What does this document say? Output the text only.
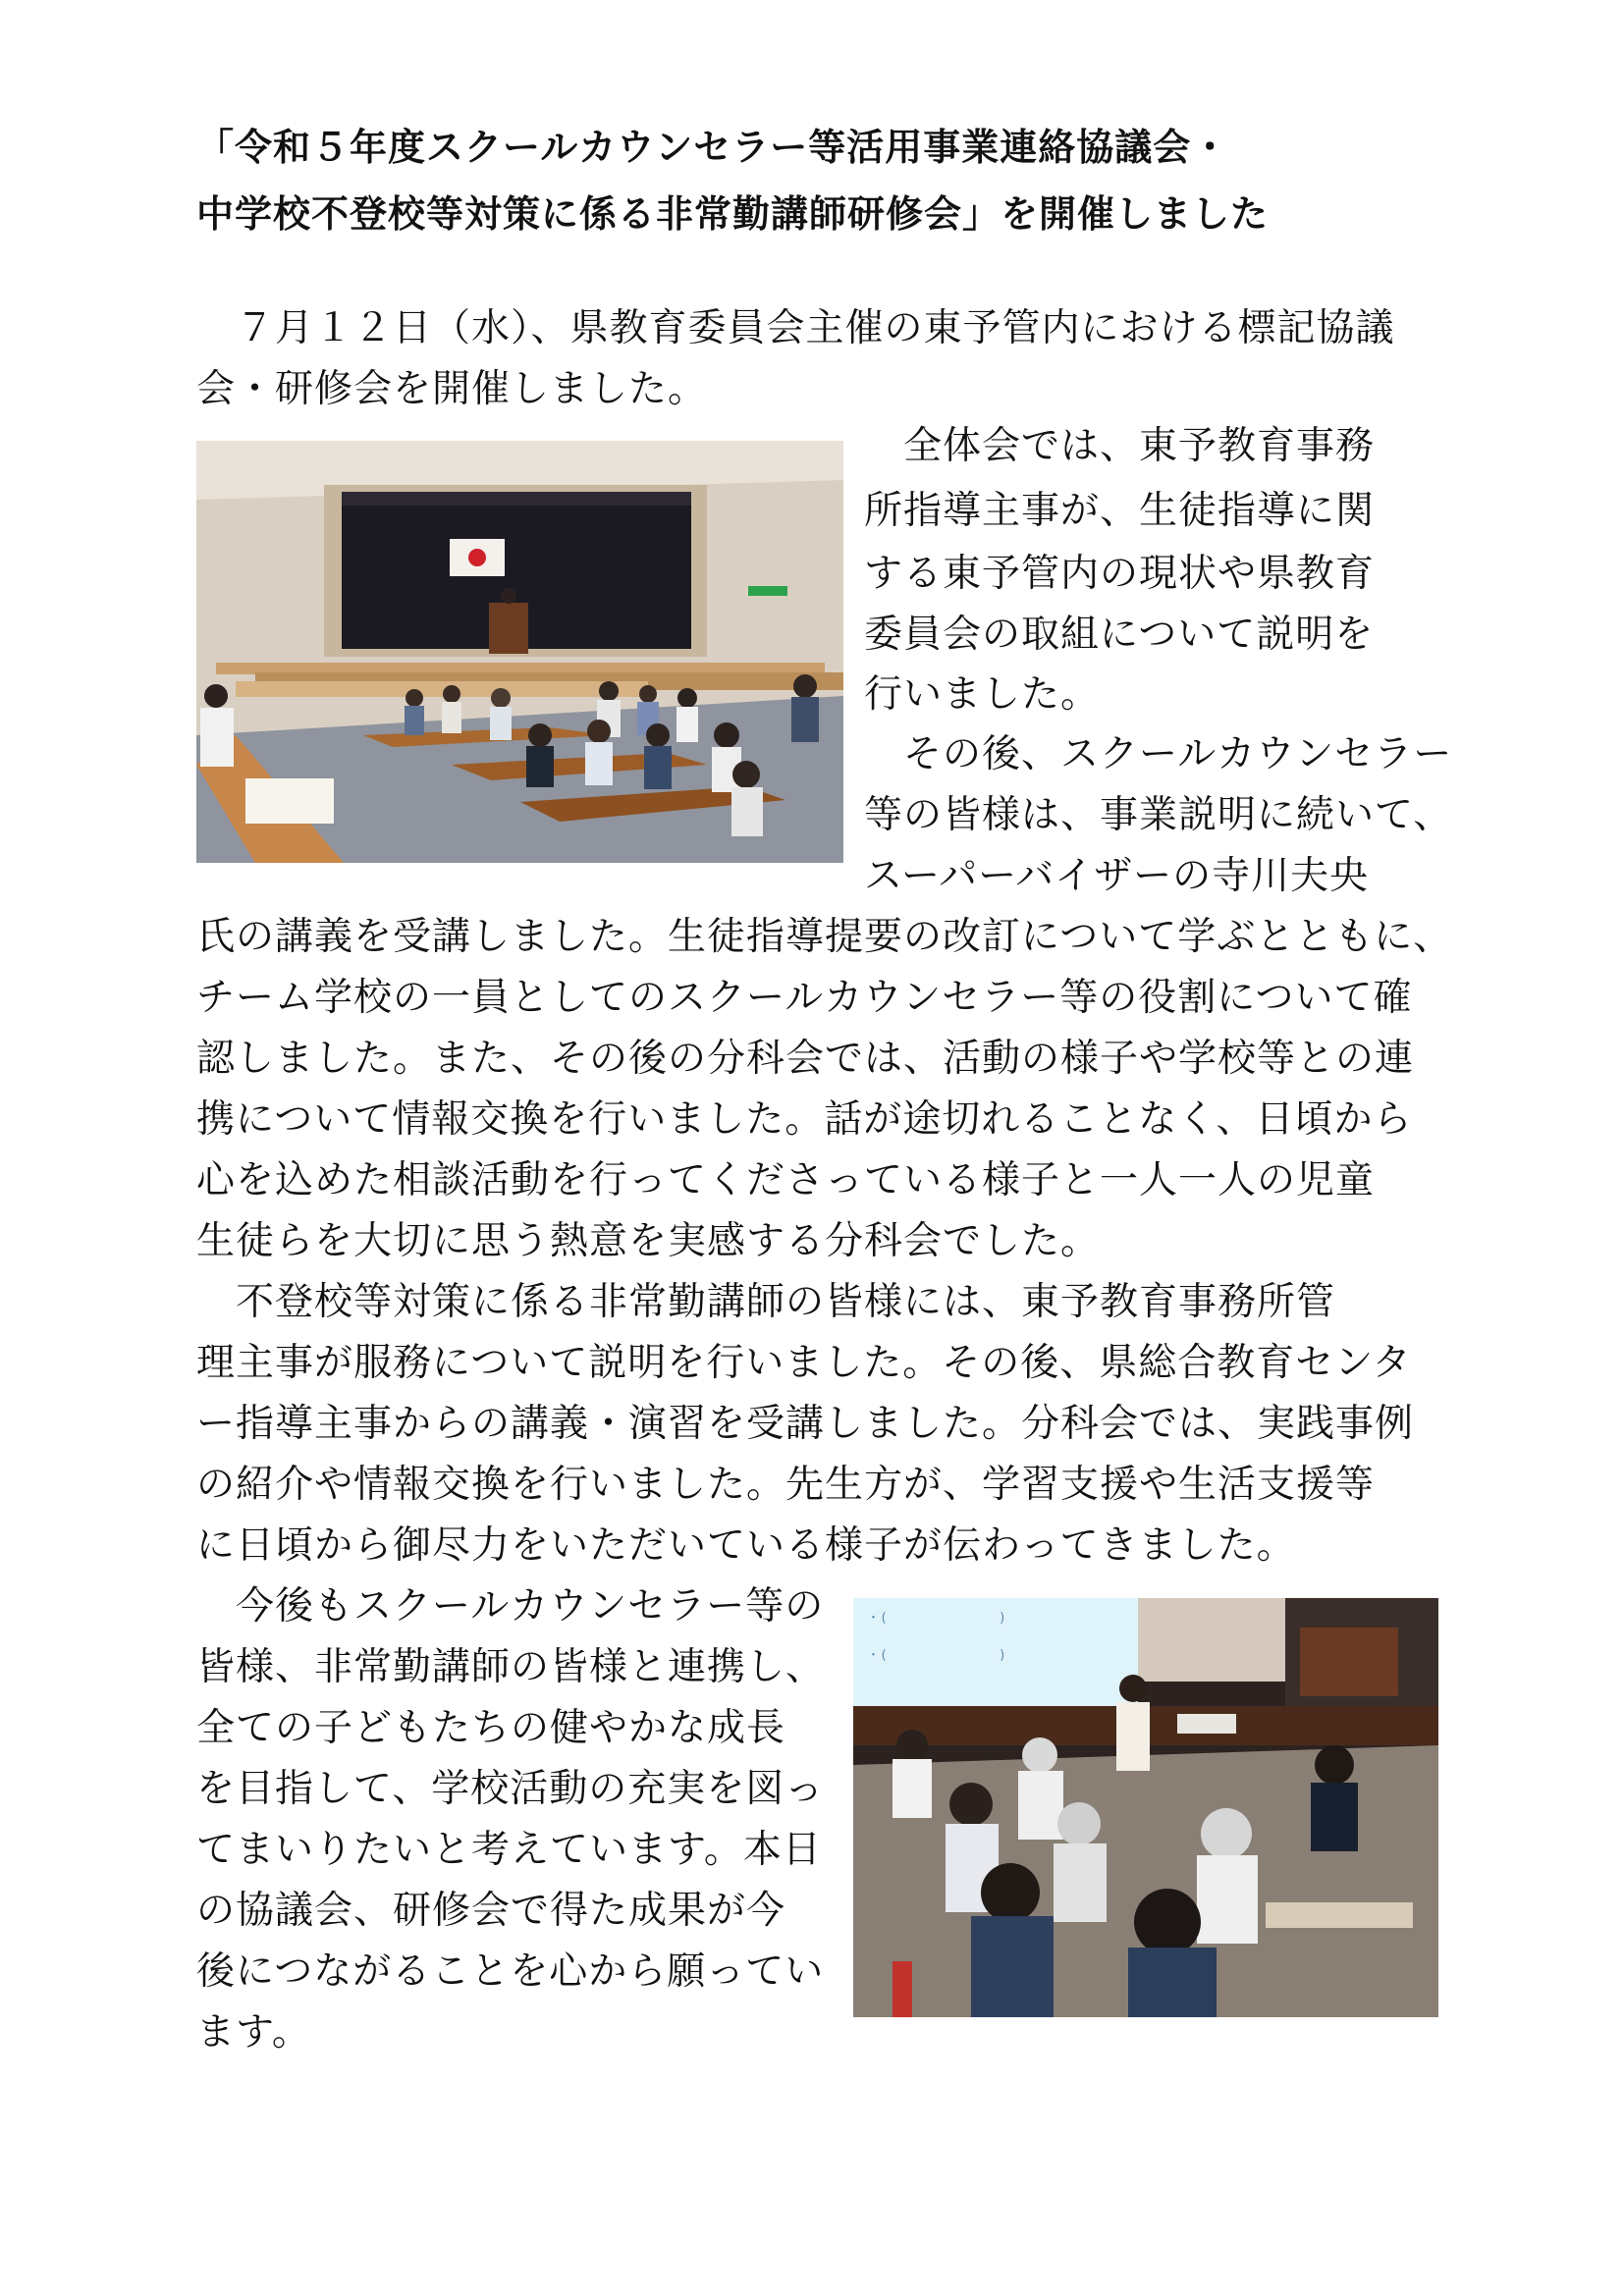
「令和５年度スクールカウンセラー等活用事業連絡協議会・
中学校不登校等対策に係る非常勤講師研修会」を開催しました
　７月１２日（水）、県教育委員会主催の東予管内における標記協議
会・研修会を開催しました。
　全体会では、東予教育事務
所指導主事が、生徒指導に関
する東予管内の現状や県教育
委員会の取組について説明を
行いました。
　その後、スクールカウンセラー
等の皆様は、事業説明に続いて、
スーパーバイザーの寺川夫央
氏の講義を受講しました。生徒指導提要の改訂について学ぶとともに、
チーム学校の一員としてのスクールカウンセラー等の役割について確
認しました。また、その後の分科会では、活動の様子や学校等との連
携について情報交換を行いました。話が途切れることなく、日頃から
心を込めた相談活動を行ってくださっている様子と一人一人の児童
生徒らを大切に思う熱意を実感する分科会でした。
　不登校等対策に係る非常勤講師の皆様には、東予教育事務所管
理主事が服務について説明を行いました。その後、県総合教育センタ
ー指導主事からの講義・演習を受講しました。分科会では、実践事例
の紹介や情報交換を行いました。先生方が、学習支援や生活支援等
に日頃から御尽力をいただいている様子が伝わってきました。
　今後もスクールカウンセラー等の
皆様、非常勤講師の皆様と連携し、
全ての子どもたちの健やかな成長
を目指して、学校活動の充実を図っ
てまいりたいと考えています。本日
の協議会、研修会で得た成果が今
後につながることを心から願ってい
ます。
・(	)
・(	)
